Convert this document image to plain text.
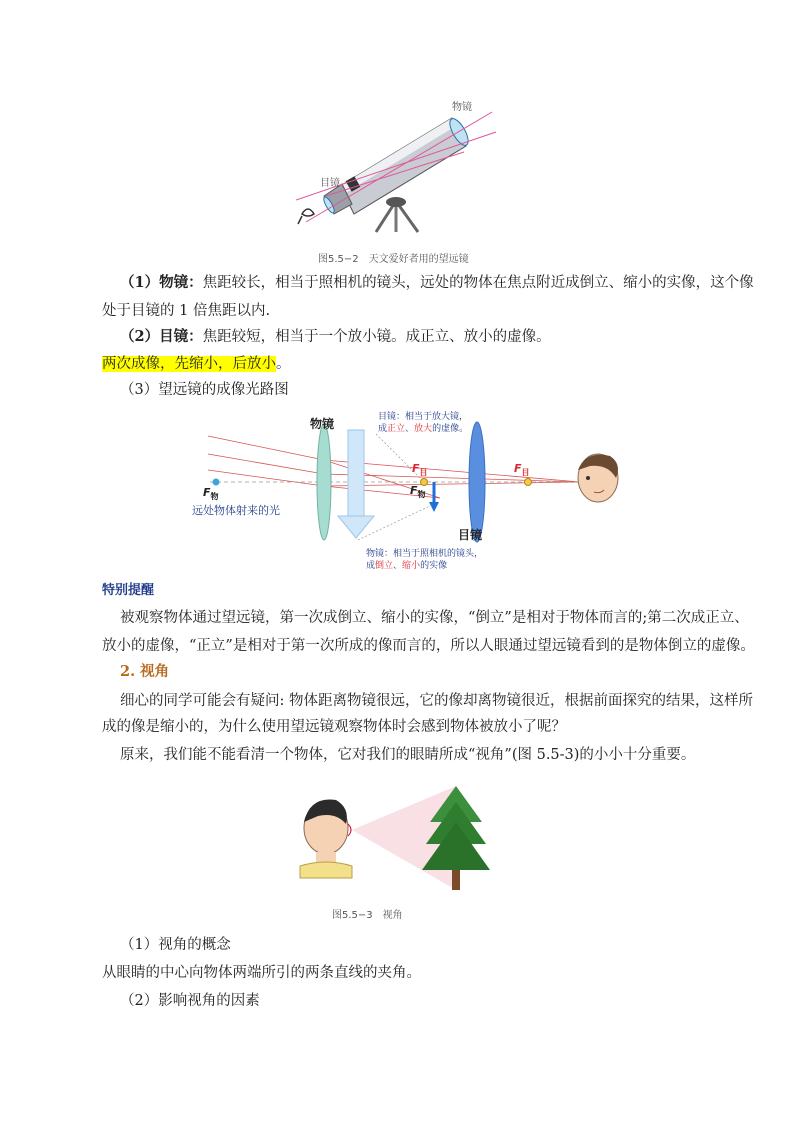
物镜
目镜
图5.5−2　天文爱好者用的望远镜
（1）物镜：焦距较长，相当于照相机的镜头，远处的物体在焦点附近成倒立、缩小的实像，这个像
处于目镜的 1 倍焦距以内.
（2）目镜：焦距较短，相当于一个放小镜。成正立、放小的虚像。
两次成像，先缩小，后放小。
（3）望远镜的成像光路图
物镜
目镜
目镜：相当于放大镜，
成正立、放大的虚像。
物镜：相当于照相机的镜头，
成倒立、缩小的实像
$F_物$
$F_目$
$F_物$
$F_目$
远处物体射来的光
特别提醒
被观察物体通过望远镜，第一次成倒立、缩小的实像，“倒立”是相对于物体而言的;第二次成正立、
放小的虚像，“正立”是相对于第一次所成的像而言的，所以人眼通过望远镜看到的是物体倒立的虚像。
2. 视角
细心的同学可能会有疑问: 物体距离物镜很远，它的像却离物镜很近，根据前面探究的结果，这样所
成的像是缩小的，为什么使用望远镜观察物体时会感到物体被放小了呢？
原来，我们能不能看清一个物体，它对我们的眼睛所成“视角”(图 5.5-3)的小小十分重要。
图5.5−3　视角
（1）视角的概念
从眼睛的中心向物体两端所引的两条直线的夹角。
（2）影响视角的因素
